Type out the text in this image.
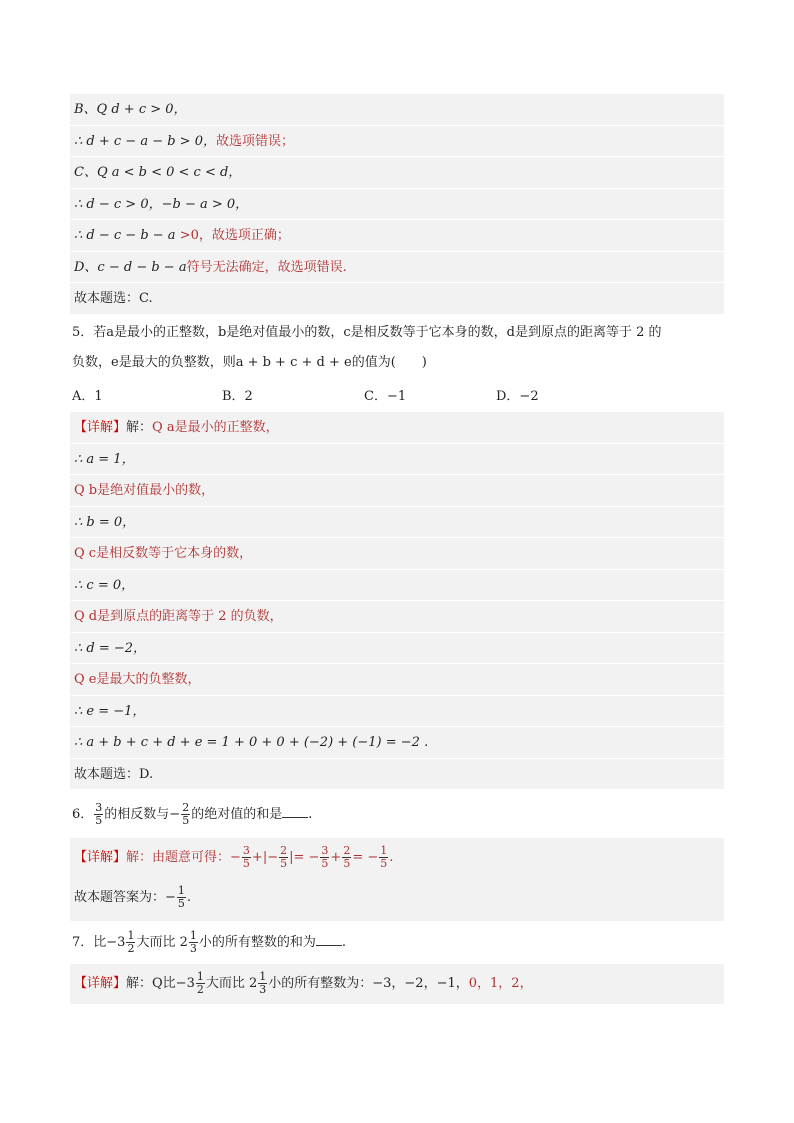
B、Q d + c > 0，
∴ d + c − a − b > 0，故选项错误；
C、Q a < b < 0 < c < d，
∴ d − c > 0，−b − a > 0，
∴ d − c − b − a >0，故选项正确；
D、c − d − b − a符号无法确定，故选项错误.
故本题选：C.
5．若a是最小的正整数，b是绝对值最小的数，c是相反数等于它本身的数，d是到原点的距离等于 2 的
负数，e是最大的负整数，则a + b + c + d + e的值为(　　)
A．1	B．2	C．−1	D．−2
【详解】解：Q a是最小的正整数，
∴ a = 1，
Q b是绝对值最小的数，
∴ b = 0，
Q c是相反数等于它本身的数，
∴ c = 0，
Q d是到原点的距离等于 2 的负数，
∴ d = −2，
Q e是最大的负整数，
∴ e = −1，
∴ a + b + c + d + e = 1 + 0 + 0 + (−2) + (−1) = −2 .
故本题选：D.
6． $\frac{3}{5}$ 的相反数与− $\frac{2}{5}$ 的绝对值的和是 .
【详解】解：由题意可得：− $\frac{3}{5}$ +|− $\frac{2}{5}$ |= − $\frac{3}{5} + \frac{2}{5}$ = − $\frac{1}{5}$ .
故本题答案为：− $\frac{1}{5}$ .
7．比$-3 \frac{1}{2}$ 大而比 $2 \frac{1}{3}$ 小的所有整数的和为 .
【详解】解：Q比$-3 \frac{1}{2}$ 大而比 $2 \frac{1}{3}$ 小的所有整数为：−3，−2，−1，0，1，2，
